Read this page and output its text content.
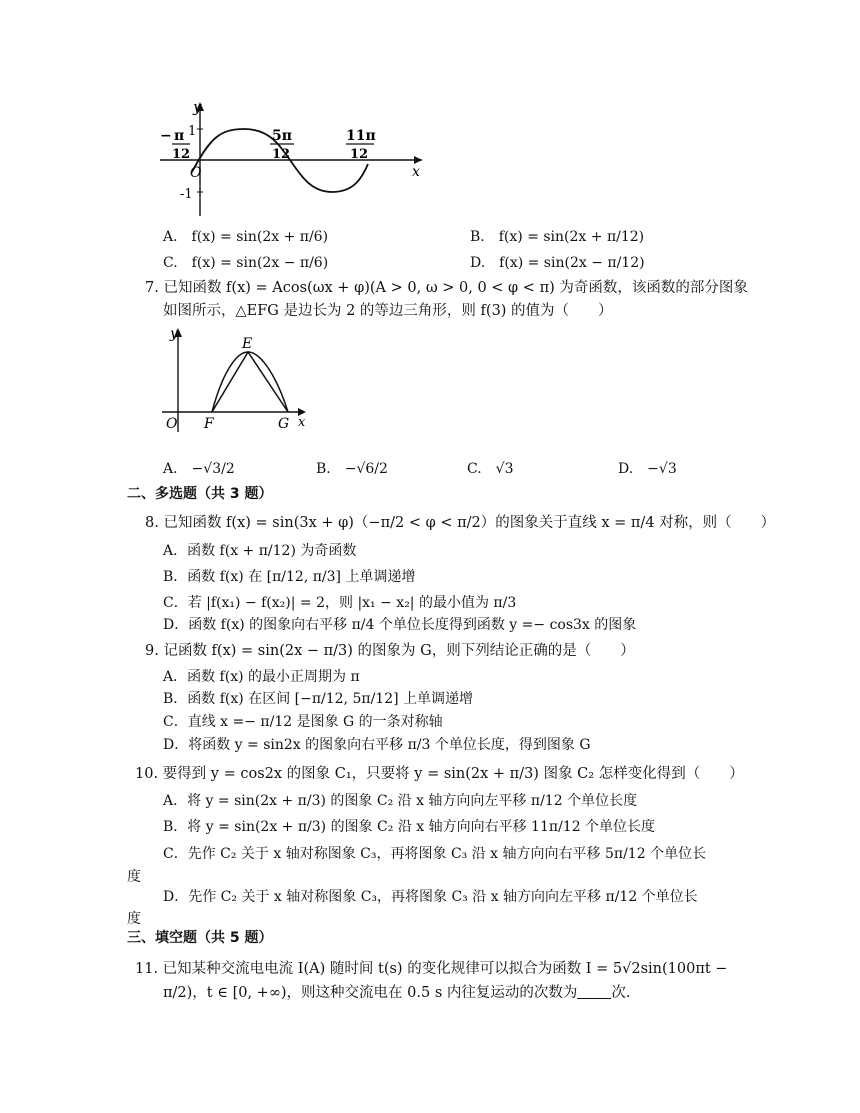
y
x
O
1
-1
− π
12
5π
12
11π
12
A.　f(x) = sin(2x + π/6)	B.　f(x) = sin(2x + π/12)
C.　f(x) = sin(2x − π/6)	D.　f(x) = sin(2x − π/12)
7. 已知函数 f(x) = Acos(ωx + φ)(A > 0, ω > 0, 0 < φ < π) 为奇函数，该函数的部分图象
如图所示，△EFG 是边长为 2 的等边三角形，则 f(3) 的值为（　　）
y
x
O
E
F	G
A.　−√3/2	B.　−√6/2	C.　√3	D.　−√3
二、多选题（共 3 题）
8. 已知函数 f(x) = sin(3x + φ)（−π/2 < φ < π/2）的图象关于直线 x = π/4 对称，则（　　）
A．函数 f(x + π/12) 为奇函数
B．函数 f(x) 在 [π/12, π/3] 上单调递增
C．若 |f(x₁) − f(x₂)| = 2，则 |x₁ − x₂| 的最小值为 π/3
D．函数 f(x) 的图象向右平移 π/4 个单位长度得到函数 y =− cos3x 的图象
9. 记函数 f(x) = sin(2x − π/3) 的图象为 G，则下列结论正确的是（　　）
A．函数 f(x) 的最小正周期为 π
B．函数 f(x) 在区间 [−π/12, 5π/12] 上单调递增
C．直线 x =− π/12 是图象 G 的一条对称轴
D．将函数 y = sin2x 的图象向右平移 π/3 个单位长度，得到图象 G
10. 要得到 y = cos2x 的图象 C₁，只要将 y = sin(2x + π/3) 图象 C₂ 怎样变化得到（　　）
A．将 y = sin(2x + π/3) 的图象 C₂ 沿 x 轴方向向左平移 π/12 个单位长度
B．将 y = sin(2x + π/3) 的图象 C₂ 沿 x 轴方向向右平移 11π/12 个单位长度
C．先作 C₂ 关于 x 轴对称图象 C₃，再将图象 C₃ 沿 x 轴方向向右平移 5π/12 个单位长
度
D．先作 C₂ 关于 x 轴对称图象 C₃，再将图象 C₃ 沿 x 轴方向向左平移 π/12 个单位长
度
三、填空题（共 5 题）
11. 已知某种交流电电流 I(A) 随时间 t(s) 的变化规律可以拟合为函数 I = 5√2sin(100πt −
π/2)，t ∈ [0, +∞)，则这种交流电在 0.5 s 内往复运动的次数为 次.
